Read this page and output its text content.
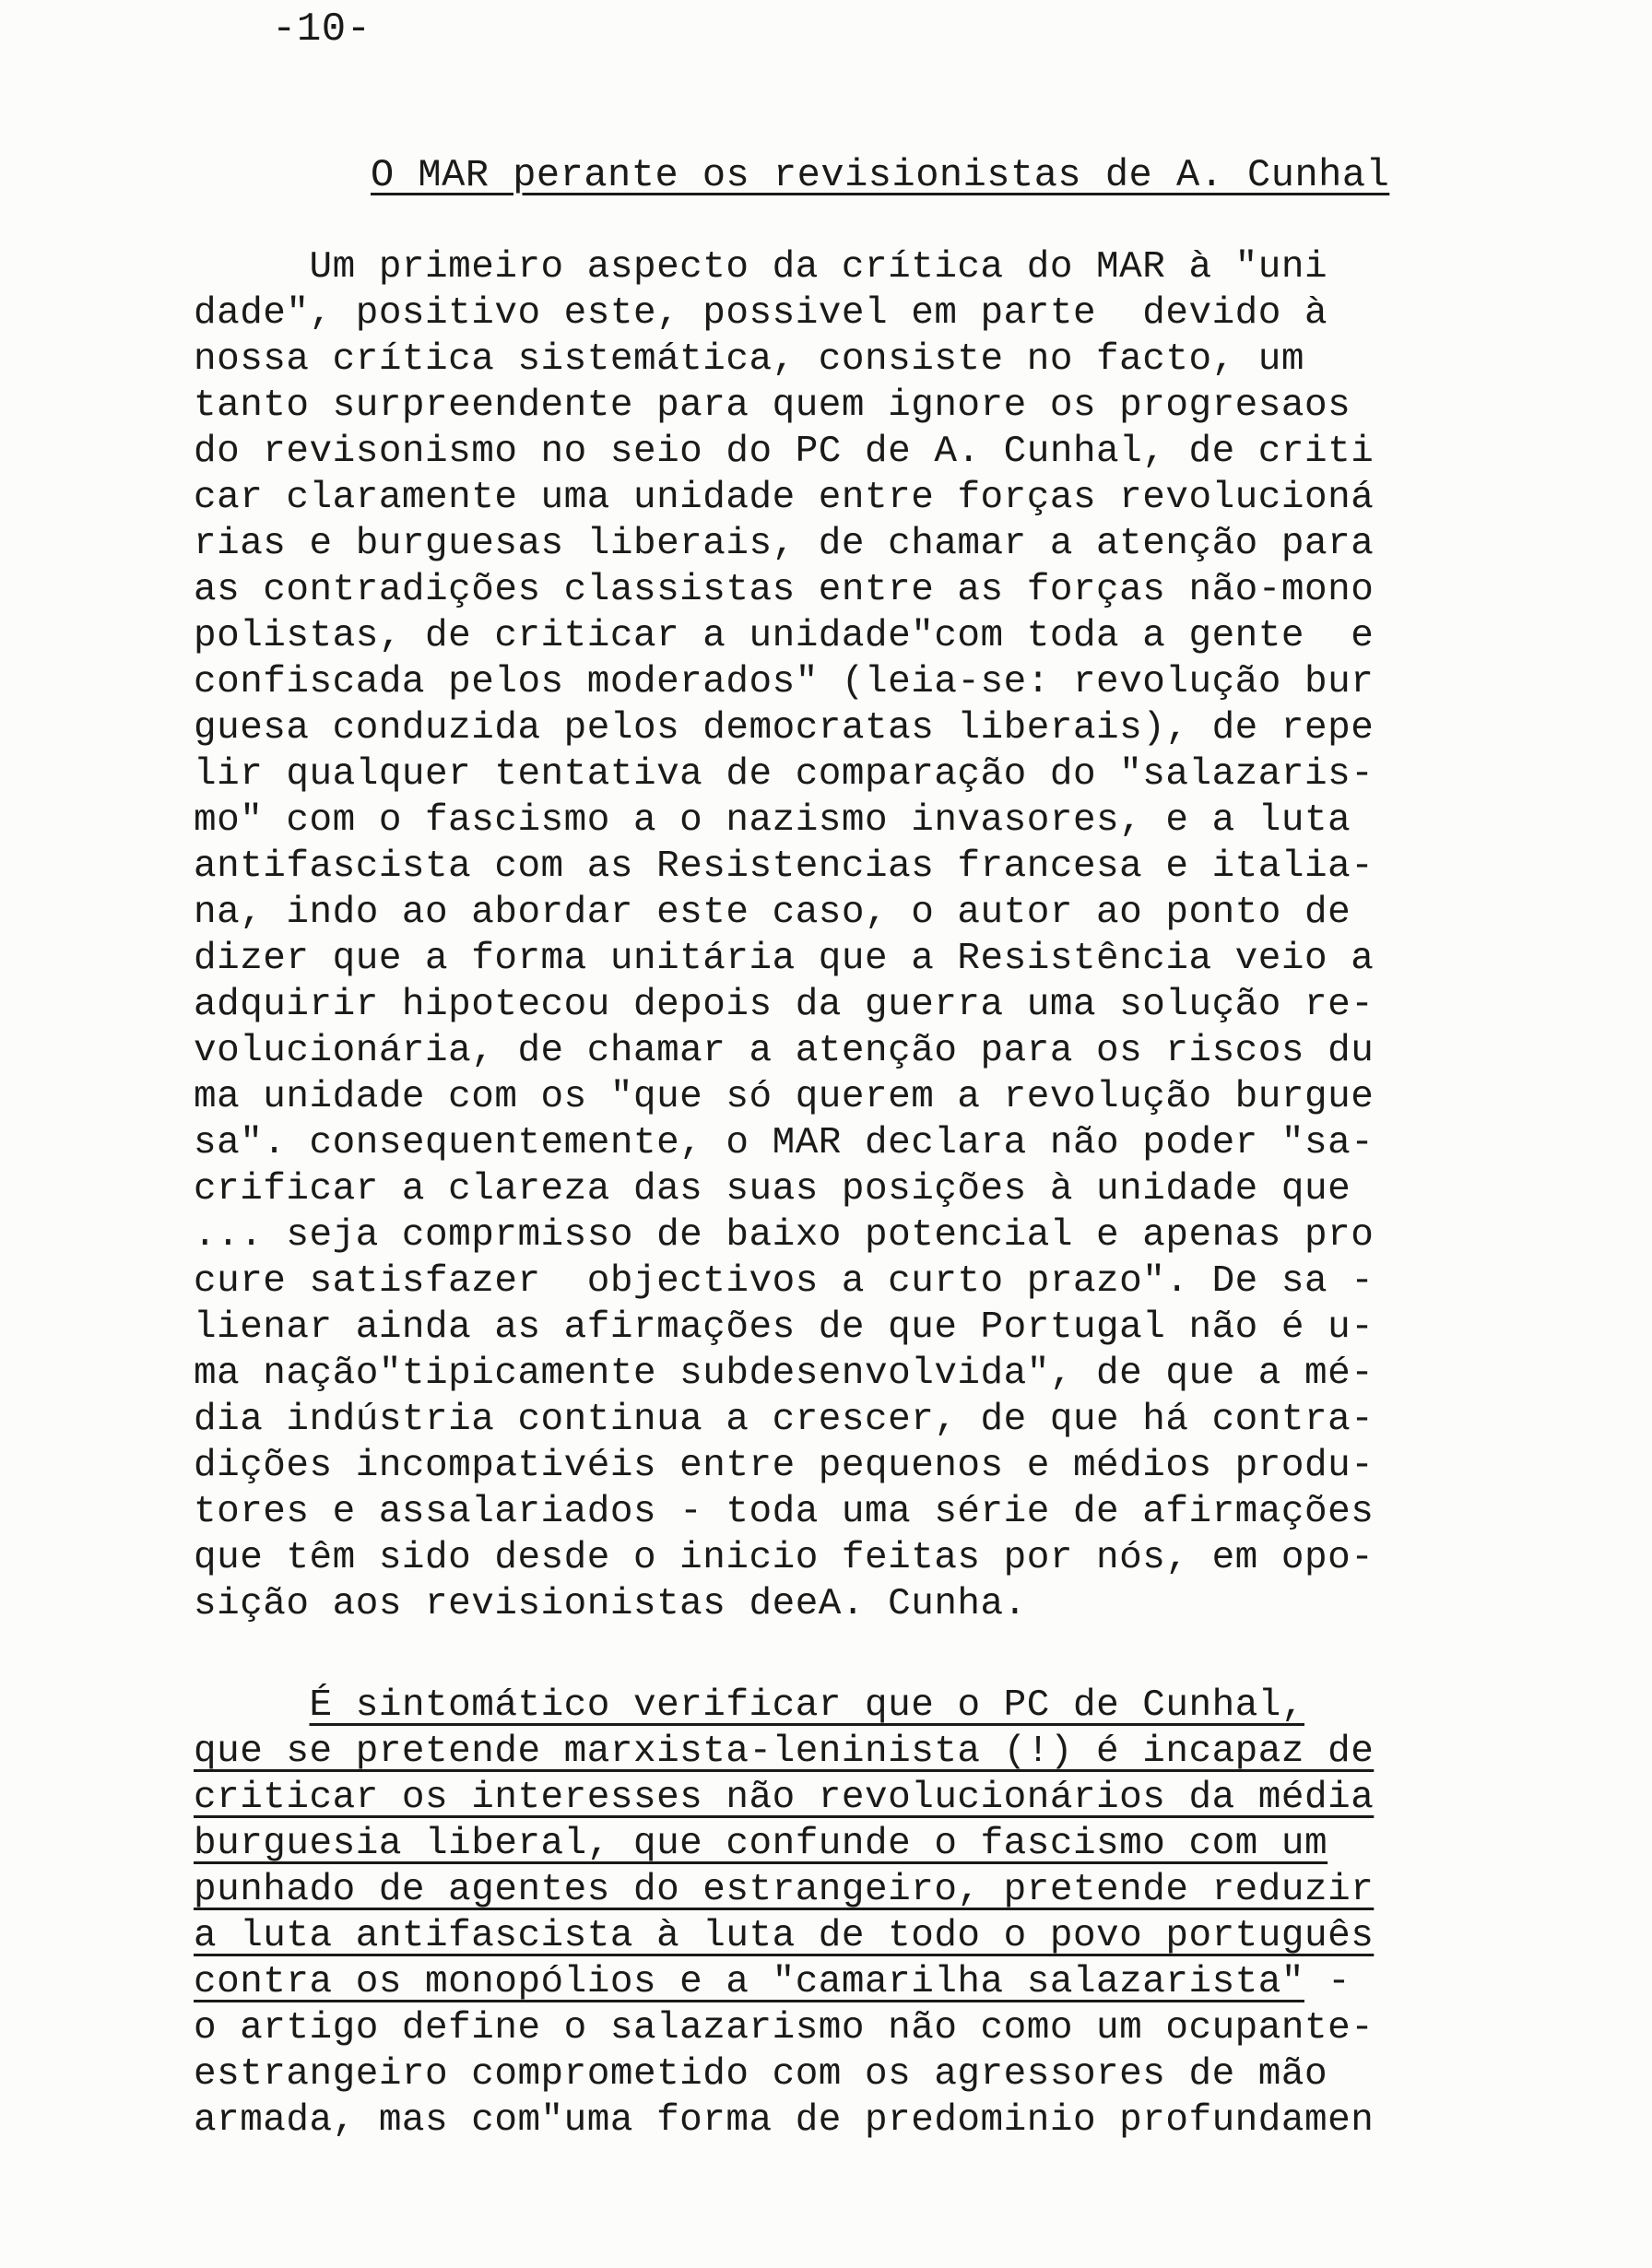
-10-
O MAR perante os revisionistas de A. Cunhal
Um primeiro aspecto da crítica do MAR à "uni
dade", positivo este, possivel em parte  devido à
nossa crítica sistemática, consiste no facto, um
tanto surpreendente para quem ignore os progresaos
do revisonismo no seio do PC de A. Cunhal, de criti
car claramente uma unidade entre forças revolucioná
rias e burguesas liberais, de chamar a atenção para
as contradições classistas entre as forças não-mono
polistas, de criticar a unidade"com toda a gente  e
confiscada pelos moderados" (leia-se: revolução bur
guesa conduzida pelos democratas liberais), de repe
lir qualquer tentativa de comparação do "salazaris-
mo" com o fascismo a o nazismo invasores, e a luta
antifascista com as Resistencias francesa e italia-
na, indo ao abordar este caso, o autor ao ponto de
dizer que a forma unitária que a Resistência veio a
adquirir hipotecou depois da guerra uma solução re-
volucionária, de chamar a atenção para os riscos du
ma unidade com os "que só querem a revolução burgue
sa". consequentemente, o MAR declara não poder "sa-
crificar a clareza das suas posições à unidade que
... seja comprmisso de baixo potencial e apenas pro
cure satisfazer  objectivos a curto prazo". De sa -
lienar ainda as afirmações de que Portugal não é u-
ma nação"tipicamente subdesenvolvida", de que a mé-
dia indústria continua a crescer, de que há contra-
dições incompativéis entre pequenos e médios produ-
tores e assalariados - toda uma série de afirmações
que têm sido desde o inicio feitas por nós, em opo-
sição aos revisionistas deeA. Cunha.
É sintomático verificar que o PC de Cunhal,
que se pretende marxista-leninista (!) é incapaz de
criticar os interesses não revolucionários da média
burguesia liberal, que confunde o fascismo com um
punhado de agentes do estrangeiro, pretende reduzir
a luta antifascista à luta de todo o povo português
contra os monopólios e a "camarilha salazarista" -
o artigo define o salazarismo não como um ocupante-
estrangeiro comprometido com os agressores de mão
armada, mas com"uma forma de predominio profundamen
